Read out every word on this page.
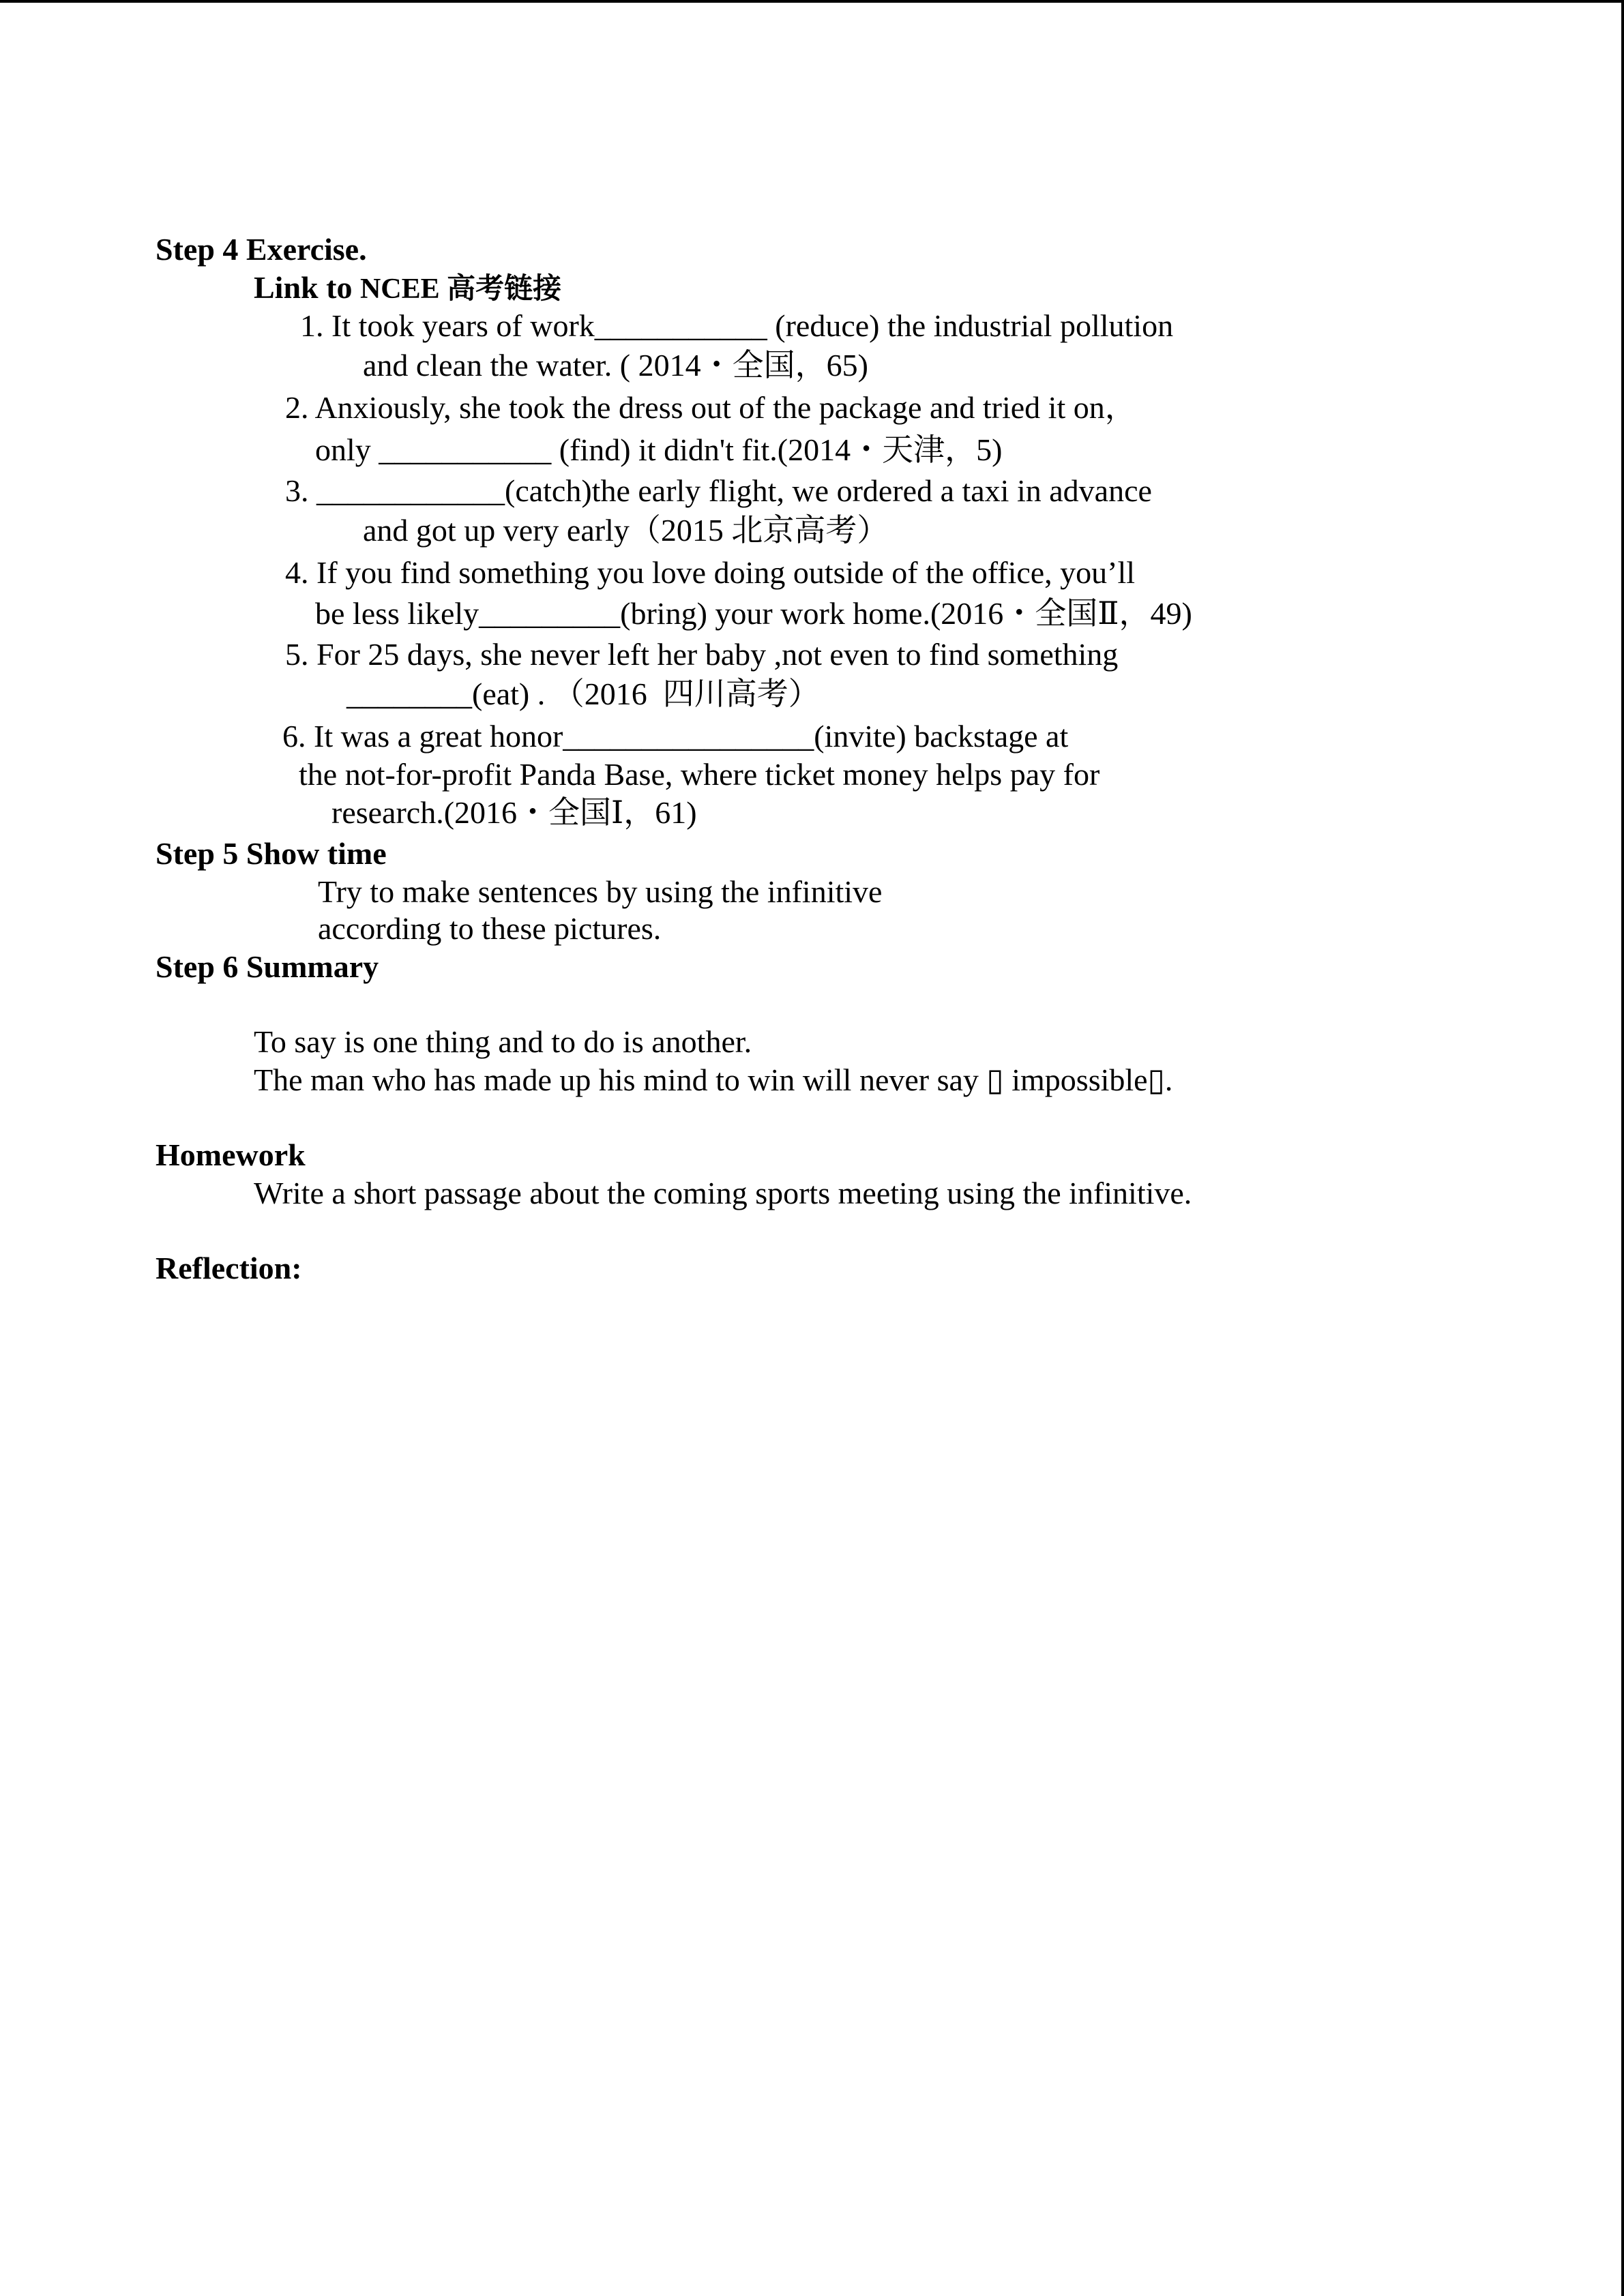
Step 4 Exercise.
Link to NCEE 高考链接
1. It took years of work___________ (reduce) the industrial pollution
and clean the water. ( 2014・全国，65)
2. Anxiously, she took the dress out of the package and tried it on，
only ___________ (find) it didn't fit.(2014・天津，5)
3. ____________(catch)the early flight, we ordered a taxi in advance
and got up very early（2015 北京高考）
4. If you find something you love doing outside of the office, you’ll
be less likely_________(bring) your work home.(2016・全国Ⅱ，49)
5. For 25 days, she never left her baby ,not even to find something
________(eat) . （2016  四川高考）
6. It was a great honor________________(invite) backstage at
the not-for-profit Panda Base, where ticket money helps pay for
research.(2016・全国Ⅰ，61)
Step 5 Show time
Try to make sentences by using the infinitive
according to these pictures.
Step 6 Summary
To say is one thing and to do is another.
The man who has made up his mind to win will never say ▯ impossible▯.
Homework
Write a short passage about the coming sports meeting using the infinitive.
Reflection:
